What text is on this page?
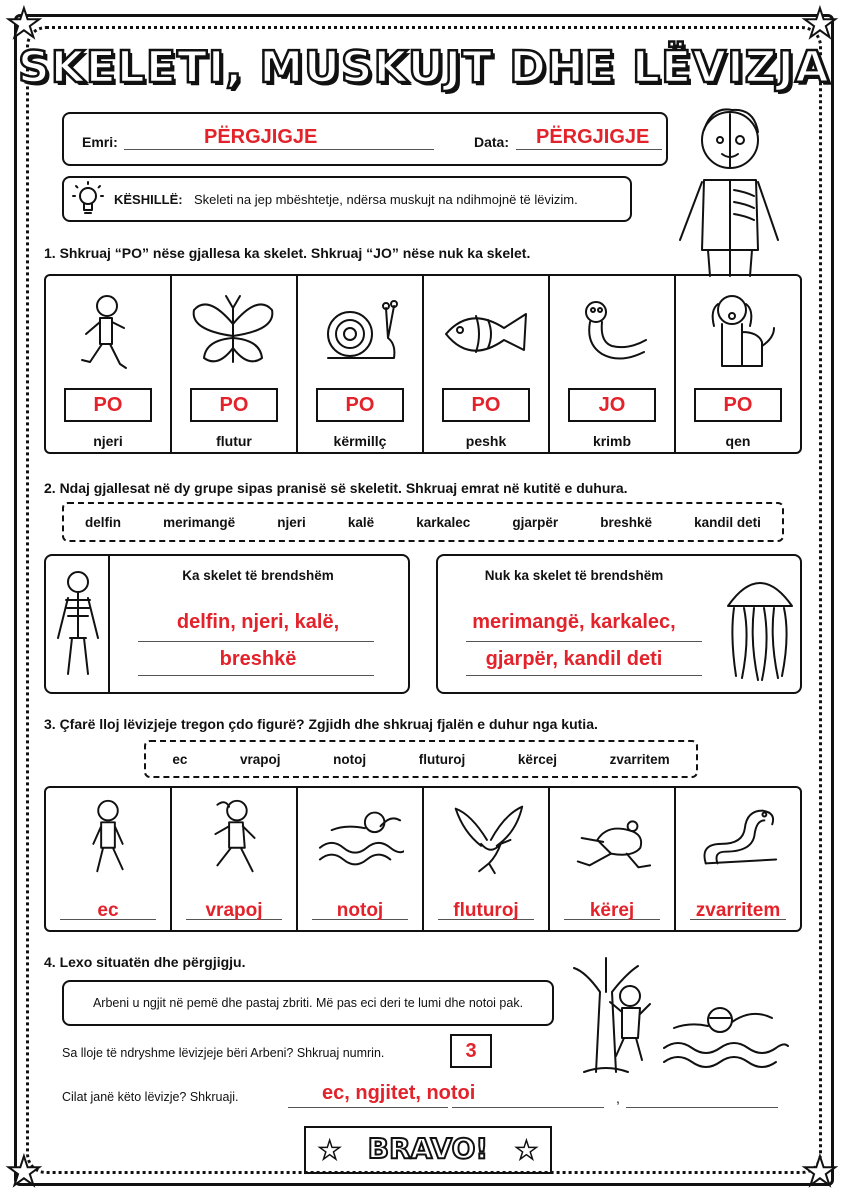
★	★
★	★
SKELETI, MUSKUJT DHE LËVIZJA
Emri:	PËRGJIGJE	Data: PËRGJIGJE
KËSHILLË: Skeleti na jep mbështetje, ndërsa muskujt na ndihmojnë të lëvizim.
1. Shkruaj “PO” nëse gjallesa ka skelet. Shkruaj “JO” nëse nuk ka skelet.
PO
njeri
PO
flutur
PO
kërmillç
PO
peshk
JO
krimb
PO
qen
2. Ndaj gjallesat në dy grupe sipas pranisë së skeletit. Shkruaj emrat në kutitë e duhura.
delfin	merimangë	njeri	kalë	karkalec	gjarpër	breshkë	kandil deti
Ka skelet të brendshëm
delfin, njeri, kalë,
breshkë
Nuk ka skelet të brendshëm
merimangë, karkalec,
gjarpër, kandil deti
3. Çfarë lloj lëvizjeje tregon çdo figurë? Zgjidh dhe shkruaj fjalën e duhur nga kutia.
ec	vrapoj	notoj	fluturoj	kërcej	zvarritem
ec	vrapoj	notoj	fluturoj	kërej	zvarritem
4. Lexo situatën dhe përgjigju.
Arbeni u ngjit në pemë dhe pastaj zbriti. Më pas eci deri te lumi dhe notoi pak.
Sa lloje të ndryshme lëvizjeje bëri Arbeni? Shkruaj numrin.	3
Cilat janë këto lëvizje? Shkruaji.	,
ec, ngjitet, notoi
★ BRAVO!	★
